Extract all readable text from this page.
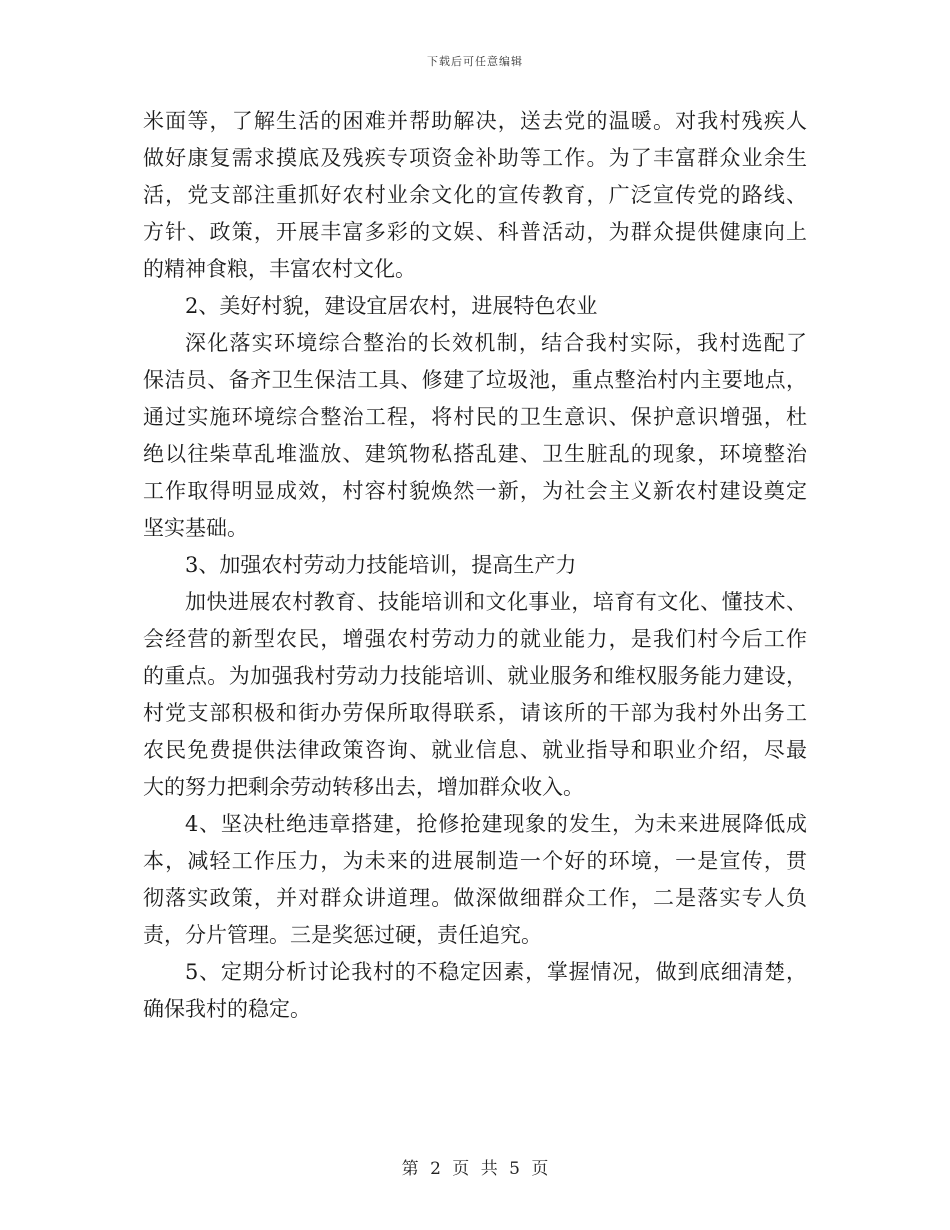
下载后可任意编辑
米面等，了解生活的困难并帮助解决，送去党的温暖。对我村残疾人
做好康复需求摸底及残疾专项资金补助等工作。为了丰富群众业余生
活，党支部注重抓好农村业余文化的宣传教育，广泛宣传党的路线、
方针、政策，开展丰富多彩的文娱、科普活动，为群众提供健康向上
的精神食粮，丰富农村文化。
2、美好村貌，建设宜居农村，进展特色农业
深化落实环境综合整治的长效机制，结合我村实际，我村选配了
保洁员、备齐卫生保洁工具、修建了垃圾池，重点整治村内主要地点，
通过实施环境综合整治工程，将村民的卫生意识、保护意识增强，杜
绝以往柴草乱堆滥放、建筑物私搭乱建、卫生脏乱的现象，环境整治
工作取得明显成效，村容村貌焕然一新，为社会主义新农村建设奠定
坚实基础。
3、加强农村劳动力技能培训，提高生产力
加快进展农村教育、技能培训和文化事业，培育有文化、懂技术、
会经营的新型农民，增强农村劳动力的就业能力，是我们村今后工作
的重点。为加强我村劳动力技能培训、就业服务和维权服务能力建设，
村党支部积极和街办劳保所取得联系，请该所的干部为我村外出务工
农民免费提供法律政策咨询、就业信息、就业指导和职业介绍，尽最
大的努力把剩余劳动转移出去，增加群众收入。
4、坚决杜绝违章搭建，抢修抢建现象的发生，为未来进展降低成
本，减轻工作压力，为未来的进展制造一个好的环境，一是宣传，贯
彻落实政策，并对群众讲道理。做深做细群众工作，二是落实专人负
责，分片管理。三是奖惩过硬，责任追究。
5、定期分析讨论我村的不稳定因素，掌握情况，做到底细清楚，
确保我村的稳定。
第 2 页 共 5 页
